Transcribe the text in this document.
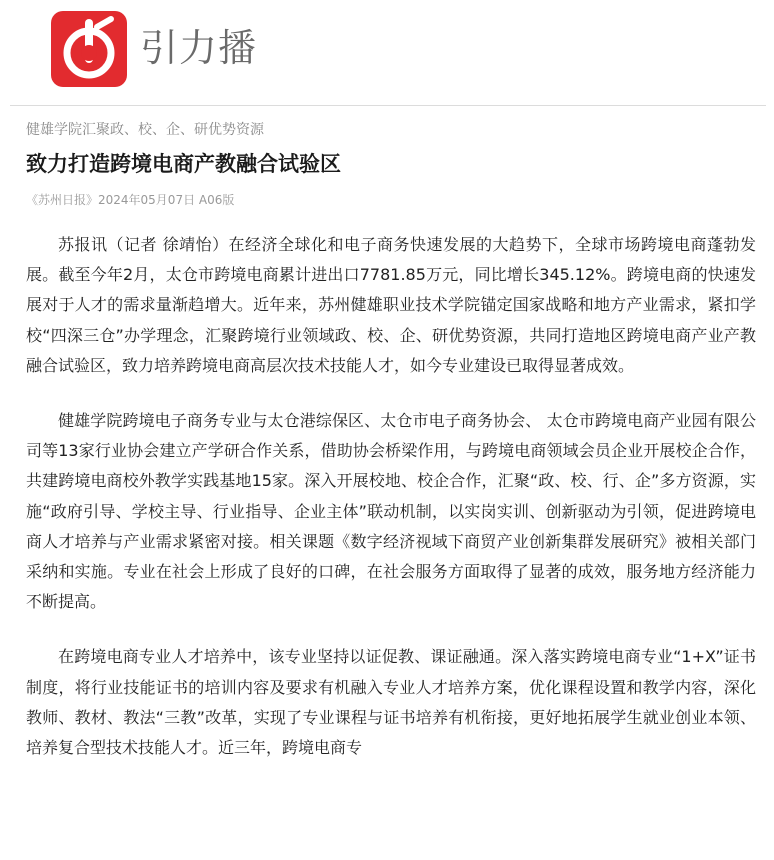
引力播
健雄学院汇聚政、校、企、研优势资源
致力打造跨境电商产教融合试验区
《苏州日报》2024年05月07日 A06版

苏报讯（记者 徐靖怡）在经济全球化和电子商务快速发展的大趋势下，全球市场跨境电商蓬勃发展。截至今年2月，太仓市跨境电商累计进出口7781.85万元，同比增长345.12%。跨境电商的快速发展对于人才的需求量渐趋增大。近年来，苏州健雄职业技术学院锚定国家战略和地方产业需求，紧扣学校“四深三仓”办学理念，汇聚跨境行业领域政、校、企、研优势资源，共同打造地区跨境电商产业产教融合试验区，致力培养跨境电商高层次技术技能人才，如今专业建设已取得显著成效。

健雄学院跨境电子商务专业与太仓港综保区、太仓市电子商务协会、 太仓市跨境电商产业园有限公司等13家行业协会建立产学研合作关系，借助协会桥梁作用，与跨境电商领域会员企业开展校企合作，共建跨境电商校外教学实践基地15家。深入开展校地、校企合作，汇聚“政、校、行、企”多方资源，实施“政府引导、学校主导、行业指导、企业主体”联动机制，以实岗实训、创新驱动为引领，促进跨境电商人才培养与产业需求紧密对接。相关课题《数字经济视域下商贸产业创新集群发展研究》被相关部门采纳和实施。专业在社会上形成了良好的口碑，在社会服务方面取得了显著的成效，服务地方经济能力不断提高。

在跨境电商专业人才培养中，该专业坚持以证促教、课证融通。深入落实跨境电商专业“1+X”证书制度，将行业技能证书的培训内容及要求有机融入专业人才培养方案，优化课程设置和教学内容，深化教师、教材、教法“三教”改革，实现了专业课程与证书培养有机衔接，更好地拓展学生就业创业本领、培养复合型技术技能人才。近三年，跨境电商专
